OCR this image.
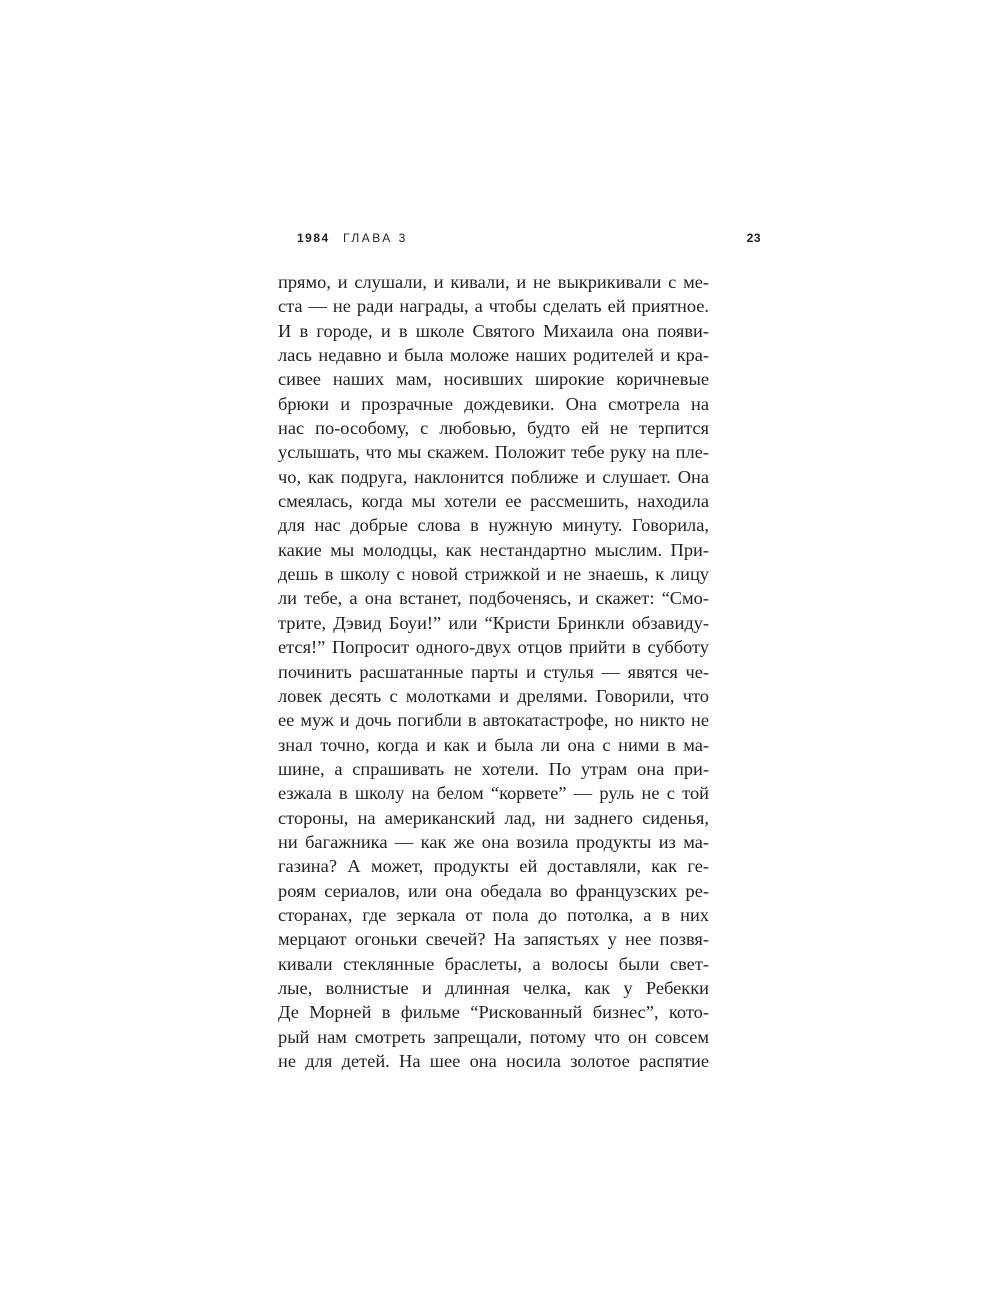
1984 ГЛАВА 3	23
прямо, и слушали, и кивали, и не выкрикивали с ме-
ста — не ради награды, а чтобы сделать ей приятное.
И в городе, и в школе Святого Михаила она появи-
лась недавно и была моложе наших родителей и кра-
сивее наших мам, носивших широкие коричневые
брюки и прозрачные дождевики. Она смотрела на
нас по-особому, с любовью, будто ей не терпится
услышать, что мы скажем. Положит тебе руку на пле-
чо, как подруга, наклонится поближе и слушает. Она
смеялась, когда мы хотели ее рассмешить, находила
для нас добрые слова в нужную минуту. Говорила,
какие мы молодцы, как нестандартно мыслим. При-
дешь в школу с новой стрижкой и не знаешь, к лицу
ли тебе, а она встанет, подбоченясь, и скажет: “Смо-
трите, Дэвид Боуи!” или “Кристи Бринкли обзавиду-
ется!” Попросит одного-двух отцов прийти в субботу
починить расшатанные парты и стулья — явятся че-
ловек десять с молотками и дрелями. Говорили, что
ее муж и дочь погибли в автокатастрофе, но никто не
знал точно, когда и как и была ли она с ними в ма-
шине, а спрашивать не хотели. По утрам она при-
езжала в школу на белом “корвете” — руль не с той
стороны, на американский лад, ни заднего сиденья,
ни багажника — как же она возила продукты из ма-
газина? А может, продукты ей доставляли, как ге-
роям сериалов, или она обедала во французских ре-
сторанах, где зеркала от пола до потолка, а в них
мерцают огоньки свечей? На запястьях у нее позвя-
кивали стеклянные браслеты, а волосы были свет-
лые, волнистые и длинная челка, как у Ребекки
Де Морней в фильме “Рискованный бизнес”, кото-
рый нам смотреть запрещали, потому что он совсем
не для детей. На шее она носила золотое распятие
